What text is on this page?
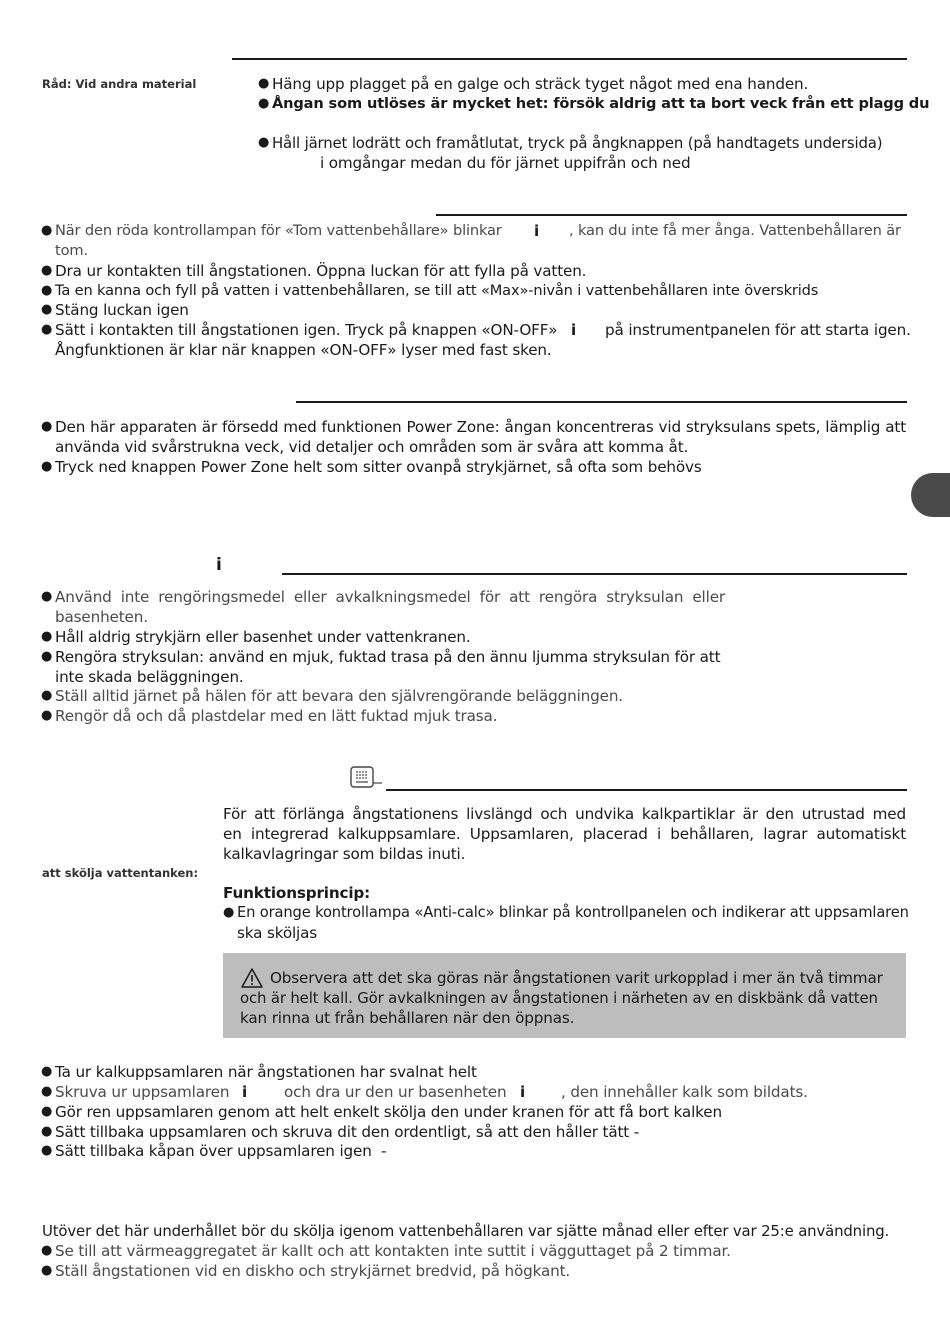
Råd: Vid andra material	● Häng upp plagget på en galge och sträck tyget något med ena handen.
● Ångan som utlöses är mycket het: försök aldrig att ta bort veck från ett plagg du
● Håll järnet lodrätt och framåtlutat, tryck på ångknappen (på handtagets undersida)
i omgångar medan du för järnet uppifrån och ned
● När den röda kontrollampan för «Tom vattenbehållare» blinkar i , kan du inte få mer ånga. Vattenbehållaren är
tom.
● Dra ur kontakten till ångstationen. Öppna luckan för att fylla på vatten.
● Ta en kanna och fyll på vatten i vattenbehållaren, se till att «Max»-nivån i vattenbehållaren inte överskrids
● Stäng luckan igen
● Sätt i kontakten till ångstationen igen. Tryck på knappen «ON-OFF» i på instrumentpanelen för att starta igen.
Ångfunktionen är klar när knappen «ON-OFF» lyser med fast sken.
● Den här apparaten är försedd med funktionen Power Zone: ångan koncentreras vid stryksulans spets, lämplig att
använda vid svårstrukna veck, vid detaljer och områden som är svåra att komma åt.
● Tryck ned knappen Power Zone helt som sitter ovanpå strykjärnet, så ofta som behövs
i
● Använd inte rengöringsmedel eller avkalkningsmedel för att rengöra stryksulan eller
basenheten.
● Håll aldrig strykjärn eller basenhet under vattenkranen.
● Rengöra stryksulan: använd en mjuk, fuktad trasa på den ännu ljumma stryksulan för att
inte skada beläggningen.
● Ställ alltid järnet på hälen för att bevara den självrengörande beläggningen.
● Rengör då och då plastdelar med en lätt fuktad mjuk trasa.
att skölja vattentanken:
För att förlänga ångstationens livslängd och undvika kalkpartiklar är den utrustad med
en integrerad kalkuppsamlare. Uppsamlaren, placerad i behållaren, lagrar automatiskt
kalkavlagringar som bildas inuti.
Funktionsprincip:
● En orange kontrollampa «Anti-calc» blinkar på kontrollpanelen och indikerar att uppsamlaren
ska sköljas
Observera att det ska göras när ångstationen varit urkopplad i mer än två timmar
och är helt kall. Gör avkalkningen av ångstationen i närheten av en diskbänk då vatten
kan rinna ut från behållaren när den öppnas.
● Ta ur kalkuppsamlaren när ångstationen har svalnat helt
● Skruva ur uppsamlaren i och dra ur den ur basenheten i , den innehåller kalk som bildats.
● Gör ren uppsamlaren genom att helt enkelt skölja den under kranen för att få bort kalken
● Sätt tillbaka uppsamlaren och skruva dit den ordentligt, så att den håller tätt -
● Sätt tillbaka kåpan över uppsamlaren igen  -
Utöver det här underhållet bör du skölja igenom vattenbehållaren var sjätte månad eller efter var 25:e användning.
● Se till att värmeaggregatet är kallt och att kontakten inte suttit i vägguttaget på 2 timmar.
● Ställ ångstationen vid en diskho och strykjärnet bredvid, på högkant.
